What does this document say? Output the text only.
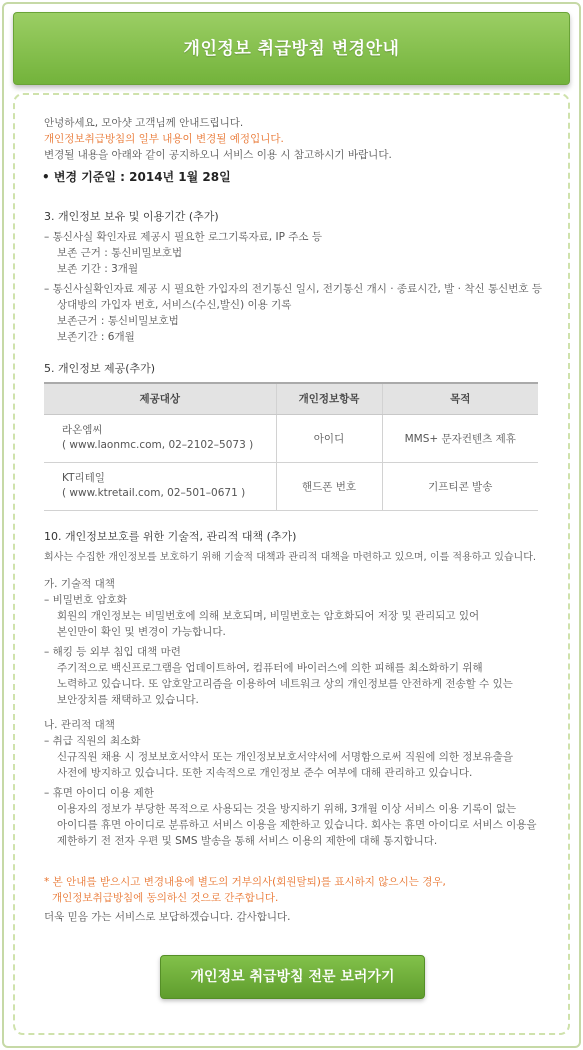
개인정보 취급방침 변경안내
안녕하세요, 모아샷 고객님께 안내드립니다.
개인정보취급방침의 일부 내용이 변경될 예정입니다.
변경될 내용을 아래와 같이 공지하오니 서비스 이용 시 참고하시기 바랍니다.
• 변경 기준일 : 2014년 1월 28일
3. 개인정보 보유 및 이용기간 (추가)
– 통신사실 확인자료 제공시 필요한 로그기록자료, IP 주소 등
보존 근거 : 통신비밀보호법
보존 기간 : 3개월
– 통신사실확인자료 제공 시 필요한 가입자의 전기통신 일시, 전기통신 개시 · 종료시간, 발 · 착신 통신번호 등
상대방의 가입자 번호, 서비스(수신,발신) 이용 기록
보존근거 : 통신비밀보호법
보존기간 : 6개월
5. 개인정보 제공(추가)
제공대상	개인정보항목	목적

라온엠씨
( www.laonmc.com, 02–2102–5073 )	아이디	MMS+ 문자컨텐츠 제휴

KT리테일
( www.ktretail.com, 02–501–0671 )	핸드폰 번호	기프티콘 발송
10. 개인정보보호를 위한 기술적, 관리적 대책 (추가)
회사는 수집한 개인정보를 보호하기 위해 기술적 대책과 관리적 대책을 마련하고 있으며, 이를 적용하고 있습니다.
가. 기술적 대책
– 비밀번호 암호화
회원의 개인정보는 비밀번호에 의해 보호되며, 비밀번호는 암호화되어 저장 및 관리되고 있어
본인만이 확인 및 변경이 가능합니다.
– 해킹 등 외부 침입 대책 마련
주기적으로 백신프로그램을 업데이트하여, 컴퓨터에 바이러스에 의한 피해를 최소화하기 위해
노력하고 있습니다. 또 암호알고리즘을 이용하여 네트워크 상의 개인정보를 안전하게 전송할 수 있는
보안장치를 채택하고 있습니다.
나. 관리적 대책
– 취급 직원의 최소화
신규직원 채용 시 정보보호서약서 또는 개인정보보호서약서에 서명함으로써 직원에 의한 정보유출을
사전에 방지하고 있습니다. 또한 지속적으로 개인정보 준수 여부에 대해 관리하고 있습니다.
– 휴면 아이디 이용 제한
이용자의 정보가 부당한 목적으로 사용되는 것을 방지하기 위해, 3개월 이상 서비스 이용 기록이 없는
아이디를 휴면 아이디로 분류하고 서비스 이용을 제한하고 있습니다. 회사는 휴면 아이디로 서비스 이용을
제한하기 전 전자 우편 및 SMS 발송을 통해 서비스 이용의 제한에 대해 통지합니다.
* 본 안내를 받으시고 변경내용에 별도의 거부의사(회원탈퇴)를 표시하지 않으시는 경우,
개인정보취급방침에 동의하신 것으로 간주합니다.
더욱 믿음 가는 서비스로 보답하겠습니다. 감사합니다.
개인정보 취급방침 전문 보러가기
